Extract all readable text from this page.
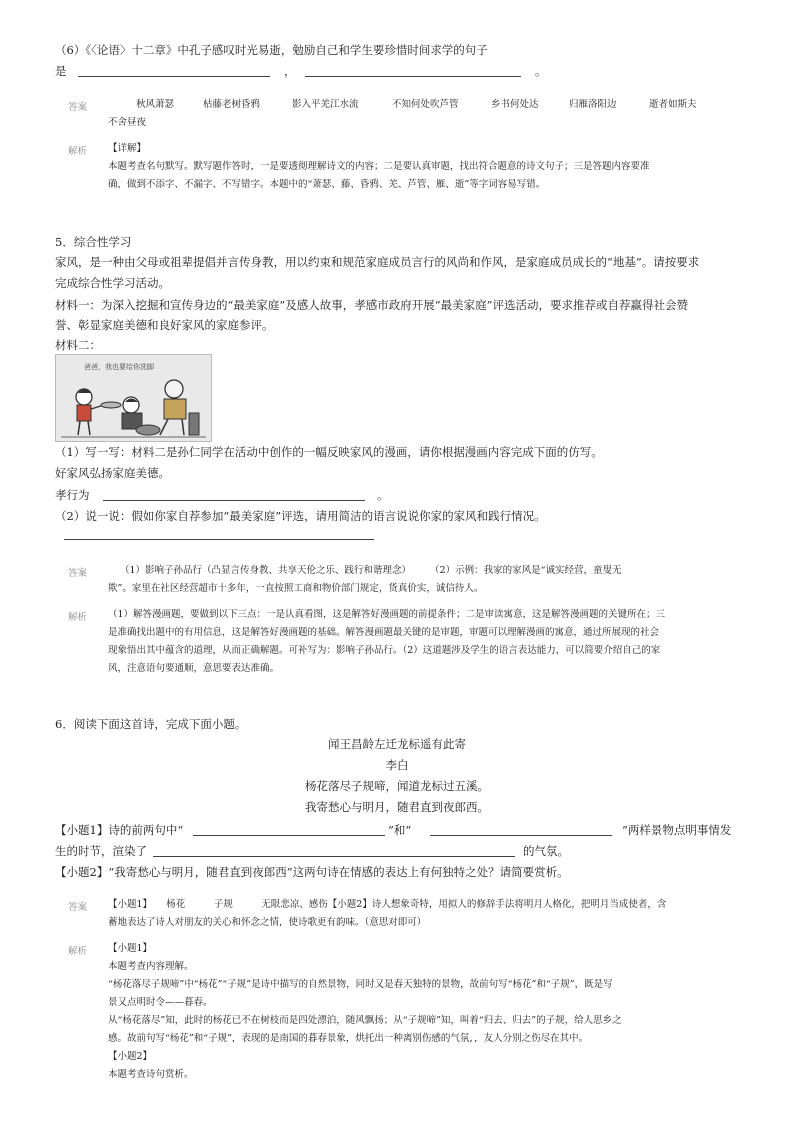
（6）《〈论语〉十二章》中孔子感叹时光易逝，勉励自己和学生要珍惜时间求学的句子
是	，	。
答案	秋风萧瑟	枯藤老树昏鸦	影入平羌江水流	不知何处吹芦管	乡书何处达	归雁洛阳边	逝者如斯夫
不舍昼夜
解析 【详解】
本题考查名句默写。默写题作答时，一是要透彻理解诗文的内容；二是要认真审题，找出符合题意的诗文句子；三是答题内容要准
确，做到不添字、不漏字、不写错字。本题中的“萧瑟、藤、昏鸦、羌、芦管、雁、逝”等字词容易写错。
5．综合性学习
家风，是一种由父母或祖辈提倡并言传身教，用以约束和规范家庭成员言行的风尚和作风，是家庭成员成长的“地基”。请按要求
完成综合性学习活动。
材料一：为深入挖掘和宣传身边的“最美家庭”及感人故事，孝感市政府开展“最美家庭”评选活动，要求推荐或自荐赢得社会赞
誉、彰显家庭美德和良好家风的家庭参评。
材料二：
爸爸，我也要给你洗脚
（1）写一写：材料二是孙仁同学在活动中创作的一幅反映家风的漫画，请你根据漫画内容完成下面的仿写。
好家风弘扬家庭美德。
孝行为	。
（2）说一说：假如你家自荐参加“最美家庭”评选，请用简洁的语言说说你家的家风和践行情况。
答案	（1）影响子孙品行（凸显言传身教、共享天伦之乐、践行和谐理念）　　　（2）示例：我家的家风是“诚实经营，童叟无
欺”。家里在社区经营超市十多年，一直按照工商和物价部门规定，货真价实，诚信待人。
解析 （1）解答漫画题，要做到以下三点：一是认真看图，这是解答好漫画题的前提条件；二是审读寓意，这是解答漫画题的关键所在；三
是准确找出题中的有用信息，这是解答好漫画题的基础。解答漫画题最关键的是审题，审题可以理解漫画的寓意，通过所展现的社会
现象悟出其中蕴含的道理，从而正确解题。可补写为：影响子孙品行。（2）这道题涉及学生的语言表达能力，可以简要介绍自己的家
风，注意语句要通顺，意思要表达准确。
6．阅读下面这首诗，完成下面小题。
闻王昌龄左迁龙标遥有此寄
李白
杨花落尽子规啼，闻道龙标过五溪。
我寄愁心与明月，随君直到夜郎西。
【小题1】诗的前两句中“	”和“	”两样景物点明事情发
生的时节，渲染了	的气氛。
【小题2】“我寄愁心与明月，随君直到夜郎西”这两句诗在情感的表达上有何独特之处？请简要赏析。
答案 【小题1】　　杨花　　　子规　　　无限悲凉、感伤【小题2】诗人想象奇特，用拟人的修辞手法将明月人格化，把明月当成使者，含
蓄地表达了诗人对朋友的关心和怀念之情，使诗歌更有韵味。（意思对即可）
解析 【小题1】
本题考查内容理解。
“杨花落尽子规啼”中“杨花”“子规”是诗中描写的自然景物，同时又是春天独特的景物，故前句写“杨花”和“子规”，既是写
景又点明时令——暮春。
从“杨花落尽”知，此时的杨花已不在树枝而是四处漂泊，随风飘扬；从“子规啼”知，叫着“归去、归去”的子规，给人思乡之
感。故前句写“杨花”和“子规”，表现的是南国的暮春景象，烘托出一种离别伤感的气氛，，友人分别之伤尽在其中。
【小题2】
本题考查诗句赏析。
